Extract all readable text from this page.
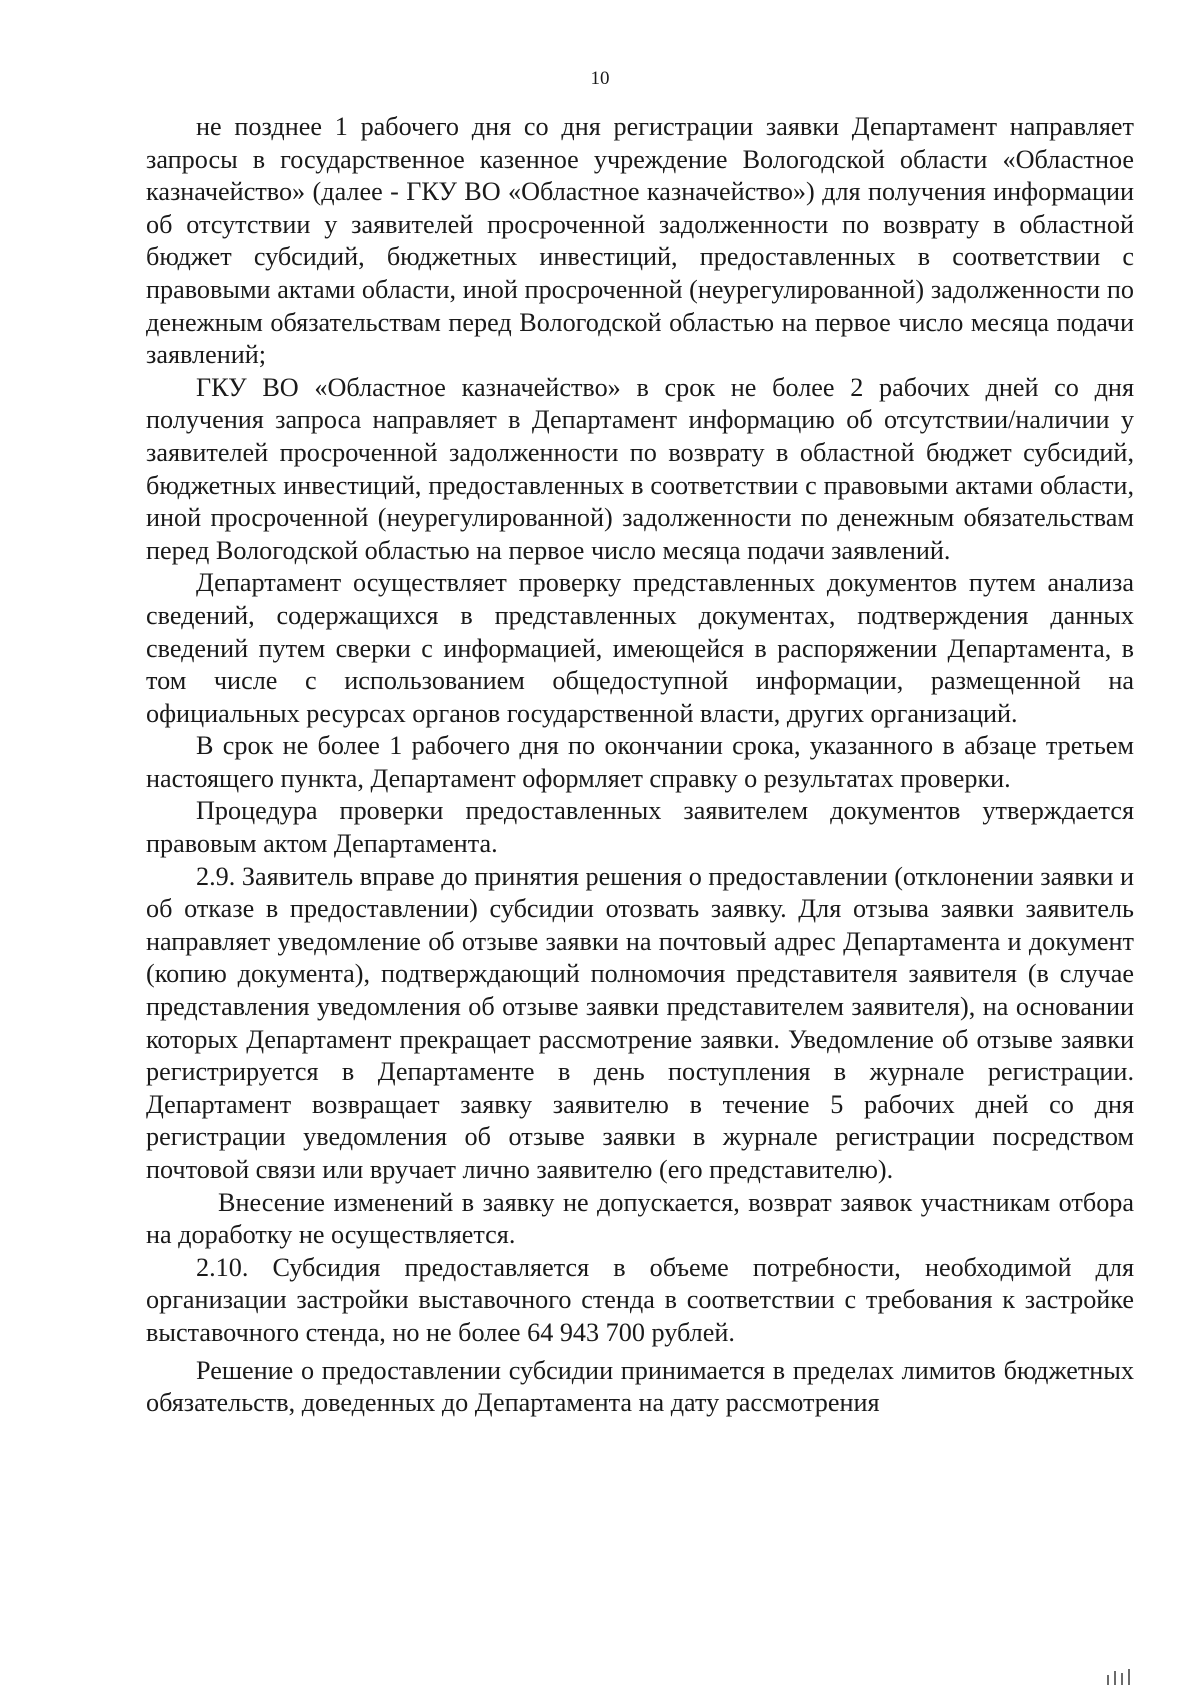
10

не позднее 1 рабочего дня со дня регистрации заявки Департамент направляет запросы в государственное казенное учреждение Вологодской области «Областное казначейство» (далее - ГКУ ВО «Областное казначейство») для получения информации об отсутствии у заявителей просроченной задолженности по возврату в областной бюджет субсидий, бюджетных инвестиций, предоставленных в соответствии с правовыми актами области, иной просроченной (неурегулированной) задолженности по денежным обязательствам перед Вологодской областью на первое число месяца подачи заявлений;

ГКУ ВО «Областное казначейство» в срок не более 2 рабочих дней со дня получения запроса направляет в Департамент информацию об отсутствии/наличии у заявителей просроченной задолженности по возврату в областной бюджет субсидий, бюджетных инвестиций, предоставленных в соответствии с правовыми актами области, иной просроченной (неурегулированной) задолженности по денежным обязательствам перед Вологодской областью на первое число месяца подачи заявлений.

Департамент осуществляет проверку представленных документов путем анализа сведений, содержащихся в представленных документах, подтверждения данных сведений путем сверки с информацией, имеющейся в распоряжении Департамента, в том числе с использованием общедоступной информации, размещенной на официальных ресурсах органов государственной власти, других организаций.

В срок не более 1 рабочего дня по окончании срока, указанного в абзаце третьем настоящего пункта, Департамент оформляет справку о результатах проверки.

Процедура проверки предоставленных заявителем документов утверждается правовым актом Департамента.

2.9. Заявитель вправе до принятия решения о предоставлении (отклонении заявки и об отказе в предоставлении) субсидии отозвать заявку. Для отзыва заявки заявитель направляет уведомление об отзыве заявки на почтовый адрес Департамента и документ (копию документа), подтверждающий полномочия представителя заявителя (в случае представления уведомления об отзыве заявки представителем заявителя), на основании которых Департамент прекращает рассмотрение заявки. Уведомление об отзыве заявки регистрируется в Департаменте в день поступления в журнале регистрации. Департамент возвращает заявку заявителю в течение 5 рабочих дней со дня регистрации уведомления об отзыве заявки в журнале регистрации посредством почтовой связи или вручает лично заявителю (его представителю).

Внесение изменений в заявку не допускается, возврат заявок участникам отбора на доработку не осуществляется.

2.10. Субсидия предоставляется в объеме потребности, необходимой для организации застройки выставочного стенда в соответствии с требования к застройке выставочного стенда, но не более 64 943 700 рублей.

Решение о предоставлении субсидии принимается в пределах лимитов бюджетных обязательств, доведенных до Департамента на дату рассмотрения
